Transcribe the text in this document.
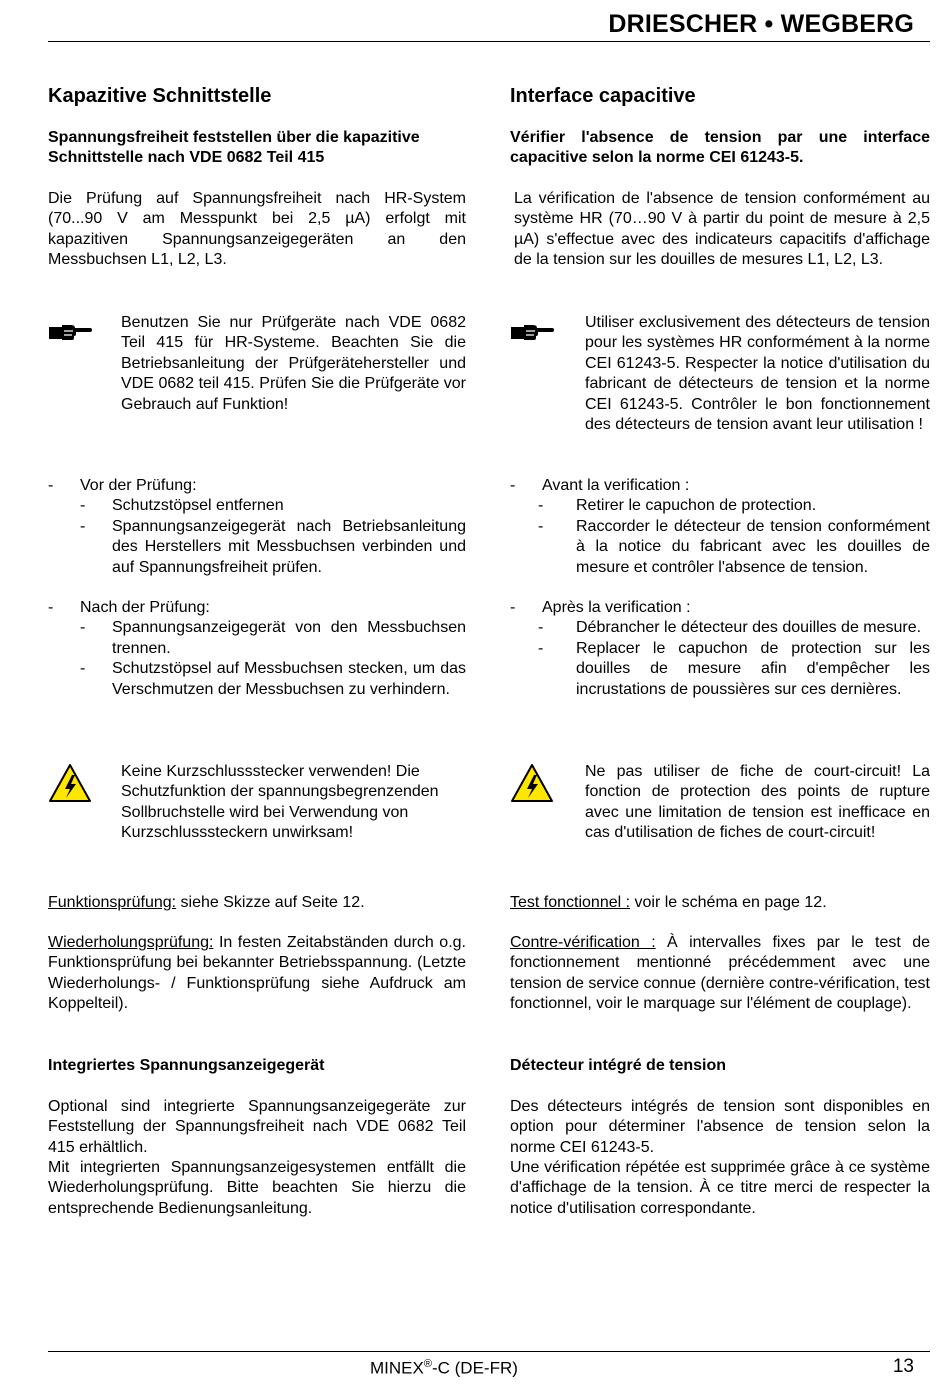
DRIESCHER • WEGBERG
Kapazitive Schnittstelle
Spannungsfreiheit feststellen über die kapazitive Schnittstelle nach VDE 0682 Teil 415
Die Prüfung auf Spannungsfreiheit nach HR-System (70...90 V am Messpunkt bei 2,5 µA) erfolgt mit kapazitiven Spannungsanzeigegeräten an den Messbuchsen L1, L2, L3.
Benutzen Sie nur Prüfgeräte nach VDE 0682 Teil 415 für HR-Systeme. Beachten Sie die Betriebsanleitung der Prüfgerätehersteller und VDE 0682 teil 415. Prüfen Sie die Prüfgeräte vor Gebrauch auf Funktion!
- Vor der Prüfung:
- Schutzstöpsel entfernen
- Spannungsanzeigegerät nach Betriebsanleitung des Herstellers mit Messbuchsen verbinden und auf Spannungsfreiheit prüfen.
- Nach der Prüfung:
- Spannungsanzeigegerät von den Messbuchsen trennen.
- Schutzstöpsel auf Messbuchsen stecken, um das Verschmutzen der Messbuchsen zu verhindern.
Keine Kurzschlussstecker verwenden! Die Schutzfunktion der spannungsbegrenzenden Sollbruchstelle wird bei Verwendung von Kurzschlusssteckern unwirksam!
Funktionsprüfung: siehe Skizze auf Seite 12.
Wiederholungsprüfung: In festen Zeitabständen durch o.g. Funktionsprüfung bei bekannter Betriebsspannung. (Letzte Wiederholungs- / Funktionsprüfung siehe Aufdruck am Koppelteil).
Integriertes Spannungsanzeigegerät
Optional sind integrierte Spannungsanzeigegeräte zur Feststellung der Spannungsfreiheit nach VDE 0682 Teil 415 erhältlich.
Mit integrierten Spannungsanzeigesystemen entfällt die Wiederholungsprüfung. Bitte beachten Sie hierzu die entsprechende Bedienungsanleitung.
Interface capacitive
Vérifier l'absence de tension par une interface capacitive selon la norme CEI 61243-5.
La vérification de l'absence de tension conformément au système HR (70…90 V à partir du point de mesure à 2,5 µA) s'effectue avec des indicateurs capacitifs d'affichage de la tension sur les douilles de mesures L1, L2, L3.
Utiliser exclusivement des détecteurs de tension pour les systèmes HR conformément à la norme CEI 61243-5. Respecter la notice d'utilisation du fabricant de détecteurs de tension et la norme CEI 61243-5. Contrôler le bon fonctionnement des détecteurs de tension avant leur utilisation !
- Avant la verification :
- Retirer le capuchon de protection.
- Raccorder le détecteur de tension conformément à la notice du fabricant avec les douilles de mesure et contrôler l'absence de tension.
- Après la verification :
- Débrancher le détecteur des douilles de mesure.
- Replacer le capuchon de protection sur les douilles de mesure afin d'empêcher les incrustations de poussières sur ces dernières.
Ne pas utiliser de fiche de court-circuit! La fonction de protection des points de rupture avec une limitation de tension est inefficace en cas d'utilisation de fiches de court-circuit!
Test fonctionnel : voir le schéma en page 12.
Contre-vérification : À intervalles fixes par le test de fonctionnement mentionné précédemment avec une tension de service connue (dernière contre-vérification, test fonctionnel, voir le marquage sur l'élément de couplage).
Détecteur intégré de tension
Des détecteurs intégrés de tension sont disponibles en option pour déterminer l'absence de tension selon la norme CEI 61243-5.
Une vérification répétée est supprimée grâce à ce système d'affichage de la tension. À ce titre merci de respecter la notice d'utilisation correspondante.
MINEX®-C (DE-FR)	13
